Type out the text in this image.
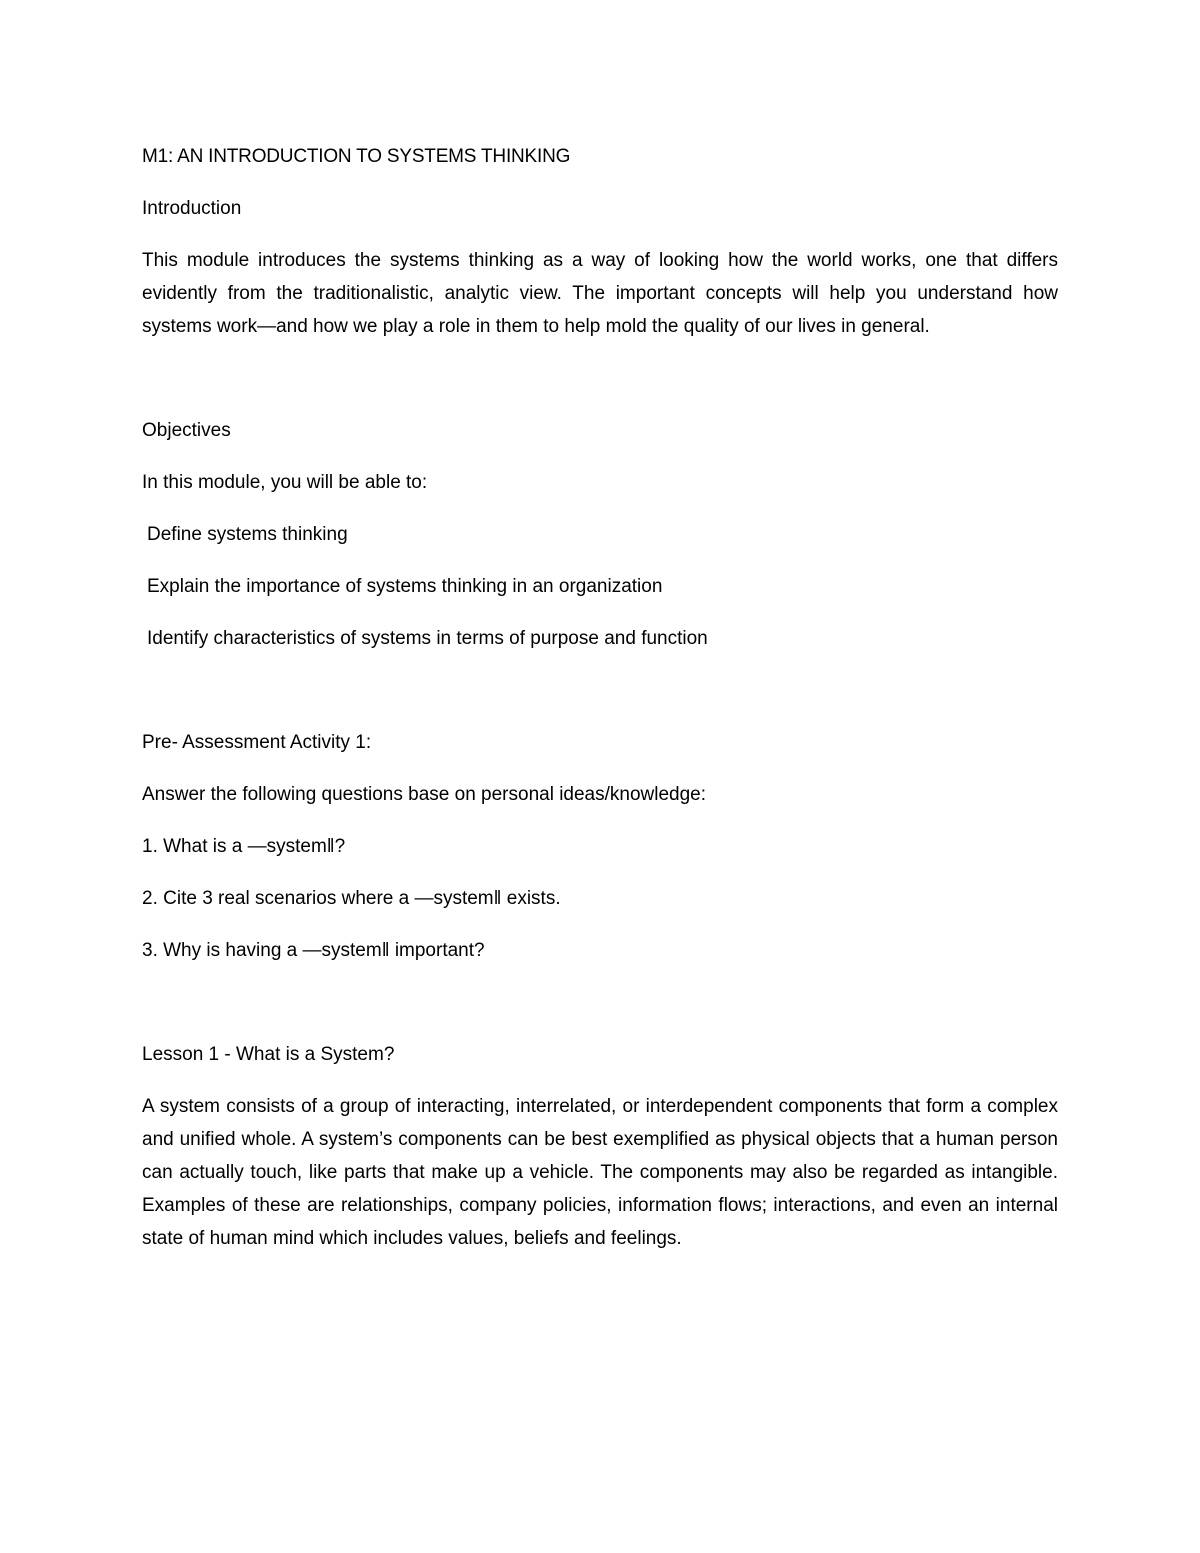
M1: AN INTRODUCTION TO SYSTEMS THINKING
Introduction

This module introduces the systems thinking as a way of looking how the world works, one that differs evidently from the traditionalistic, analytic view. The important concepts will help you understand how systems work—and how we play a role in them to help mold the quality of our lives in general.

Objectives

In this module, you will be able to:

Define systems thinking
Explain the importance of systems thinking in an organization
Identify characteristics of systems in terms of purpose and function
Pre- Assessment Activity 1:

Answer the following questions base on personal ideas/knowledge:

1. What is a ―system‖?
2. Cite 3 real scenarios where a ―system‖ exists.
3. Why is having a ―system‖ important?
Lesson 1 - What is a System?

A system consists of a group of interacting, interrelated, or interdependent components that form a complex and unified whole. A system’s components can be best exemplified as physical objects that a human person can actually touch, like parts that make up a vehicle. The components may also be regarded as intangible. Examples of these are relationships, company policies, information flows; interactions, and even an internal state of human mind which includes values, beliefs and feelings.
